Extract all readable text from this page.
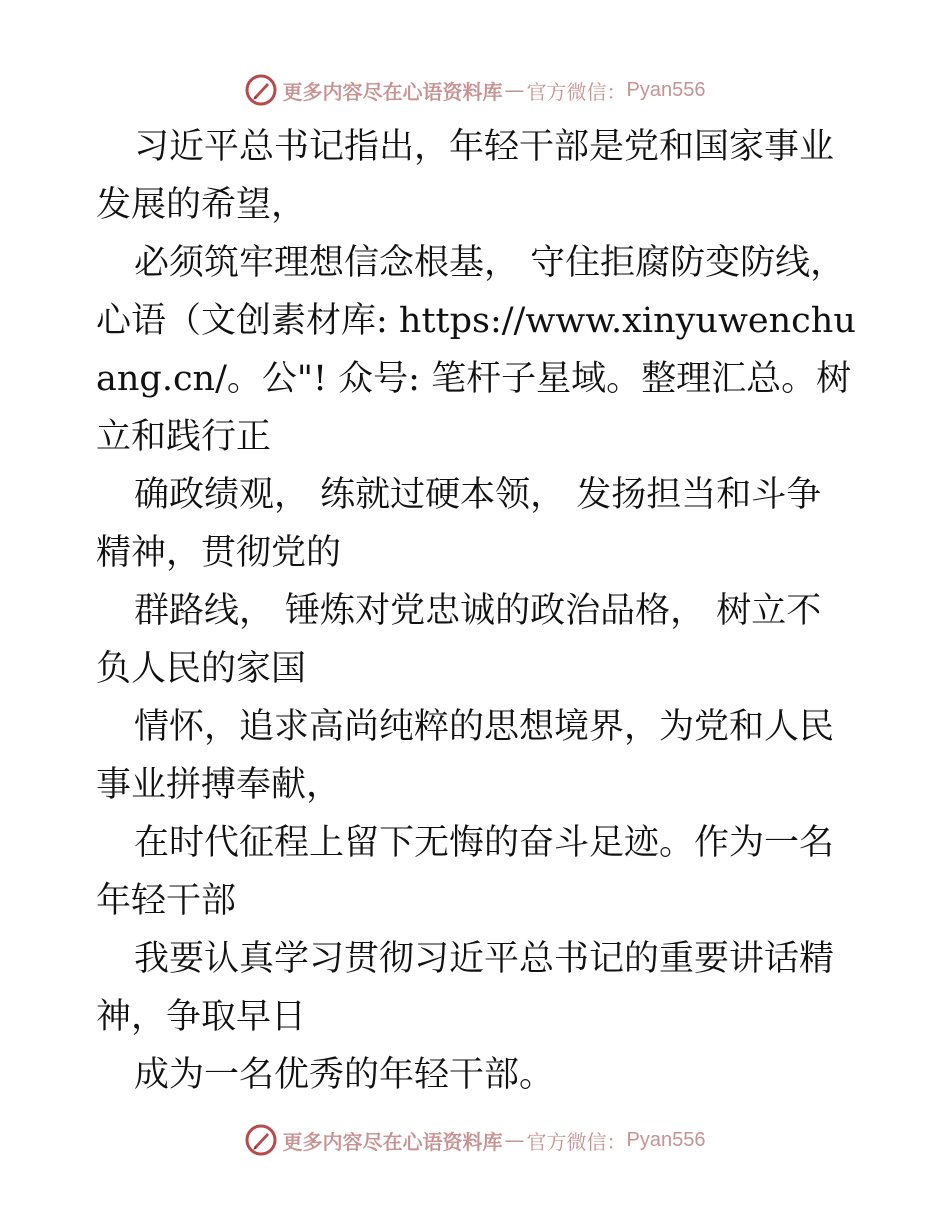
更多内容尽在心语资料库 — 官方微信： Pyan556

习近平总书记指出，年轻干部是党和国家事业发展的希望，

必须筑牢理想信念根基， 守住拒腐防变防线，心语（文创素材库: https://www.xinyuwenchuang.cn/。公"! 众号: 笔杆子星域。整理汇总。树立和践行正

确政绩观， 练就过硬本领， 发扬担当和斗争精神，贯彻党的

群路线， 锤炼对党忠诚的政治品格， 树立不负人民的家国

情怀，追求高尚纯粹的思想境界，为党和人民事业拼搏奉献，

在时代征程上留下无悔的奋斗足迹。作为一名年轻干部

我要认真学习贯彻习近平总书记的重要讲话精神，争取早日

成为一名优秀的年轻干部。

更多内容尽在心语资料库 — 官方微信： Pyan556
